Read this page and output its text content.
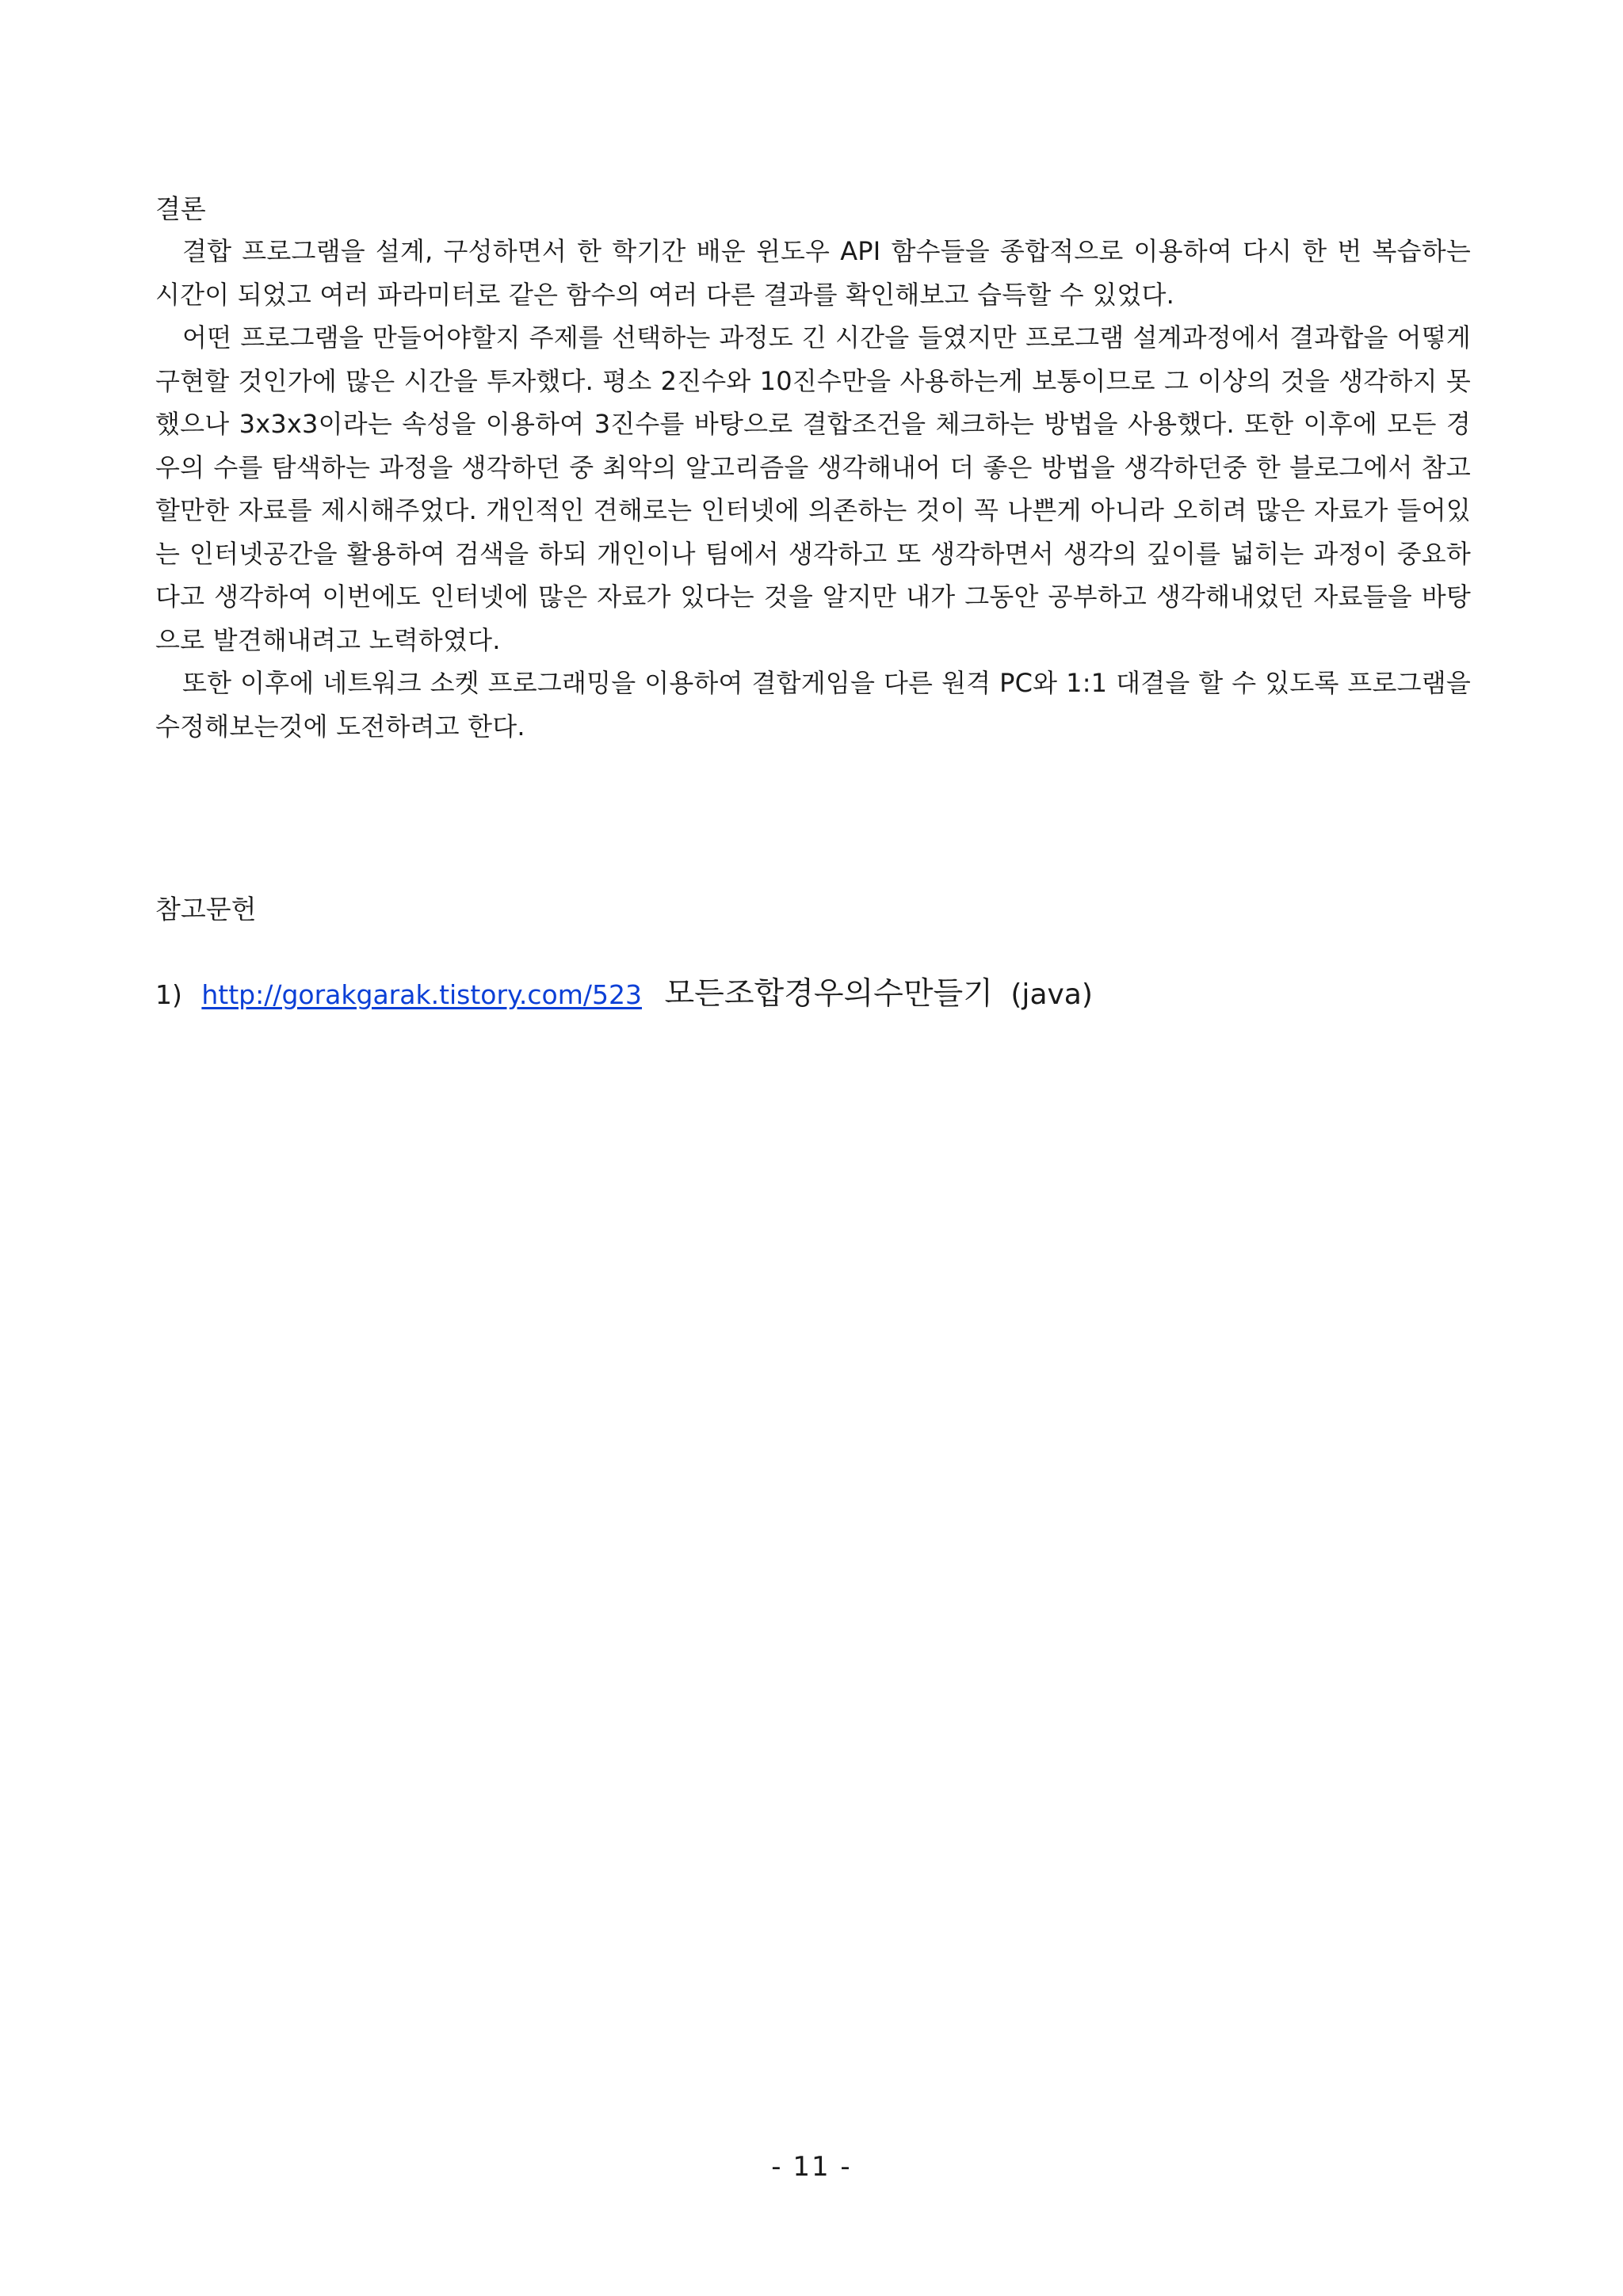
결론

결합 프로그램을 설계, 구성하면서 한 학기간 배운 윈도우 API 함수들을 종합적으로 이용하여 다시 한 번 복습하는 시간이 되었고 여러 파라미터로 같은 함수의 여러 다른 결과를 확인해보고 습득할 수 있었다.

어떤 프로그램을 만들어야할지 주제를 선택하는 과정도 긴 시간을 들였지만 프로그램 설계과정에서 결과합을 어떻게 구현할 것인가에 많은 시간을 투자했다. 평소 2진수와 10진수만을 사용하는게 보통이므로 그 이상의 것을 생각하지 못했으나 3x3x3이라는 속성을 이용하여 3진수를 바탕으로 결합조건을 체크하는 방법을 사용했다. 또한 이후에 모든 경우의 수를 탐색하는 과정을 생각하던 중 최악의 알고리즘을 생각해내어 더 좋은 방법을 생각하던중 한 블로그에서 참고할만한 자료를 제시해주었다. 개인적인 견해로는 인터넷에 의존하는 것이 꼭 나쁜게 아니라 오히려 많은 자료가 들어있는 인터넷공간을 활용하여 검색을 하되 개인이나 팀에서 생각하고 또 생각하면서 생각의 깊이를 넓히는 과정이 중요하다고 생각하여 이번에도 인터넷에 많은 자료가 있다는 것을 알지만 내가 그동안 공부하고 생각해내었던 자료들을 바탕으로 발견해내려고 노력하였다.

또한 이후에 네트워크 소켓 프로그래밍을 이용하여 결합게임을 다른 원격 PC와 1:1 대결을 할 수 있도록 프로그램을 수정해보는것에 도전하려고 한다.

참고문헌
1) http://gorakgarak.tistory.com/523 모든조합경우의수만들기 (java)
- 11 -
